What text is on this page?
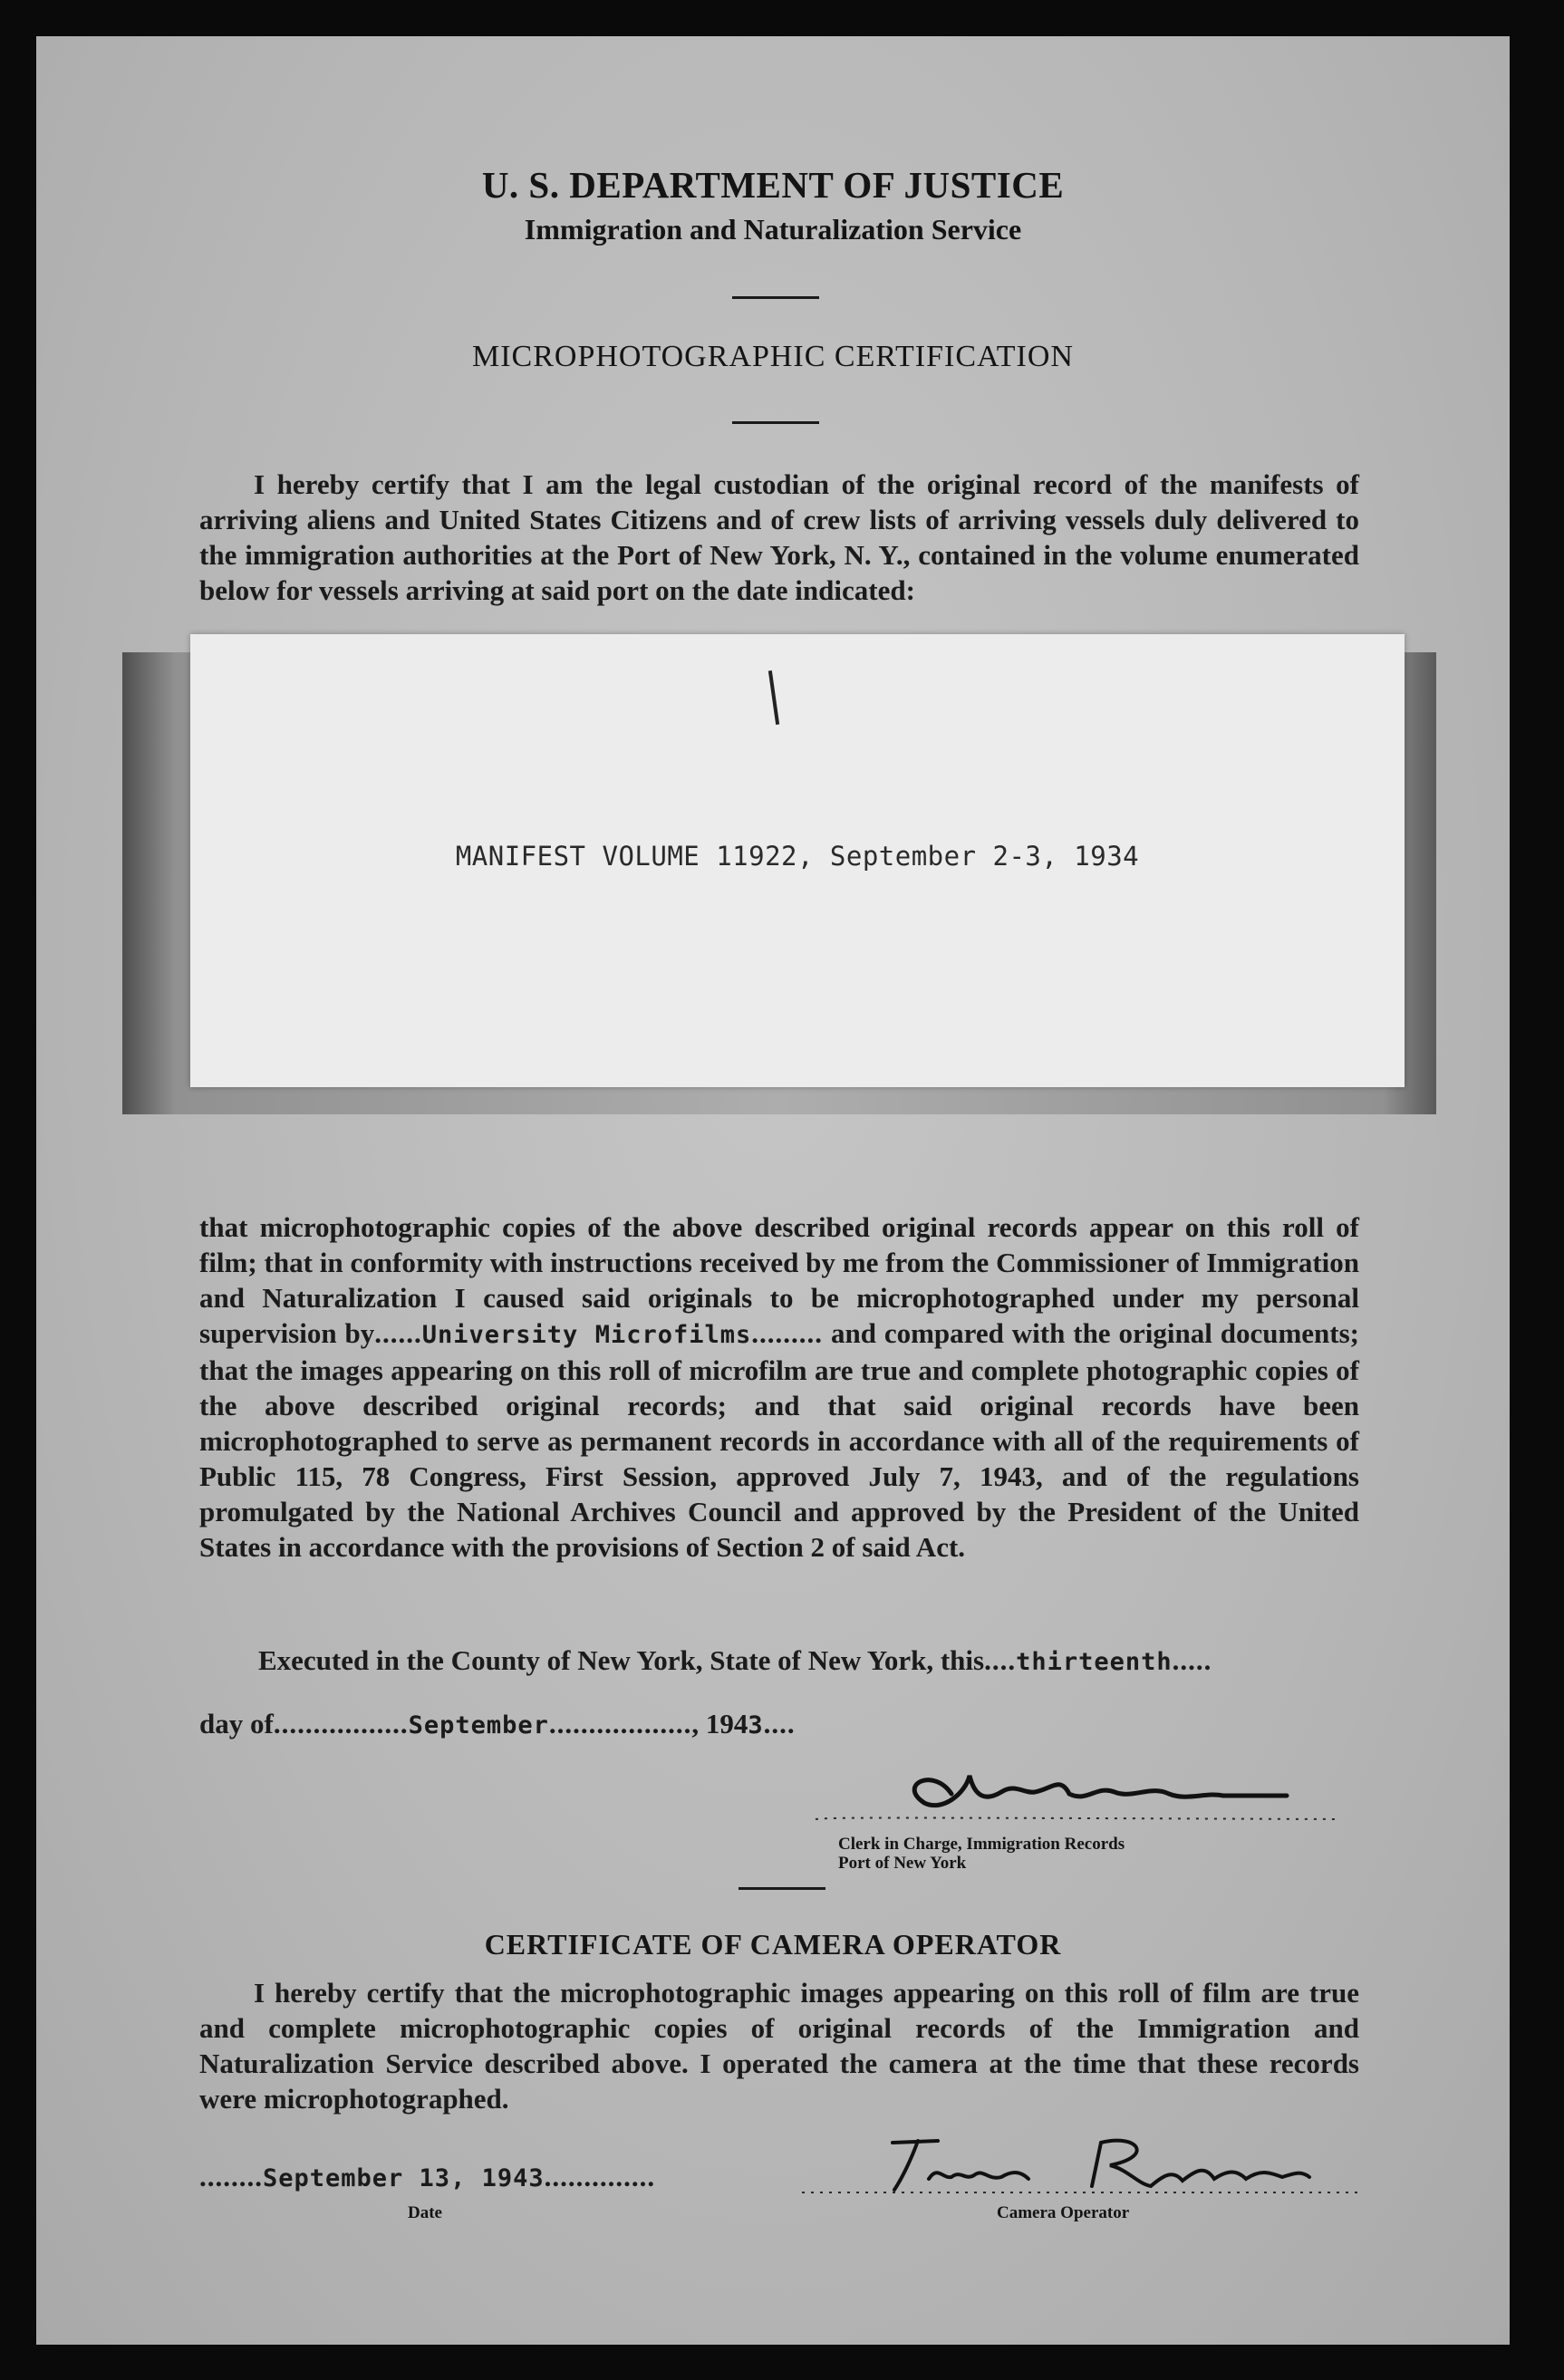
U. S. DEPARTMENT OF JUSTICE
Immigration and Naturalization Service
MICROPHOTOGRAPHIC CERTIFICATION
I hereby certify that I am the legal custodian of the original record of the manifests of arriving aliens and United States Citizens and of crew lists of arriving vessels duly delivered to the immigration authorities at the Port of New York, N. Y., contained in the volume enumerated below for vessels arriving at said port on the date indicated:
MANIFEST VOLUME 11922, September 2-3, 1934
that microphotographic copies of the above described original records appear on this roll of film; that in conformity with instructions received by me from the Commissioner of Immigration and Naturalization I caused said originals to be microphotographed under my personal supervision by......University Microfilms......... and compared with the original documents; that the images appearing on this roll of microfilm are true and complete photographic copies of the above described original records; and that said original records have been microphotographed to serve as permanent records in accordance with all of the requirements of Public 115, 78 Congress, First Session, approved July 7, 1943, and of the regulations promulgated by the National Archives Council and approved by the President of the United States in accordance with the provisions of Section 2 of said Act.
Executed in the County of New York, State of New York, this....thirteenth.....
day of.................September.................., 1943....
Clerk in Charge, Immigration Records
Port of New York
CERTIFICATE OF CAMERA OPERATOR
I hereby certify that the microphotographic images appearing on this roll of film are true and complete microphotographic copies of original records of the Immigration and Naturalization Service described above. I operated the camera at the time that these records were microphotographed.
........September 13, 1943..............
Date	Camera Operator
